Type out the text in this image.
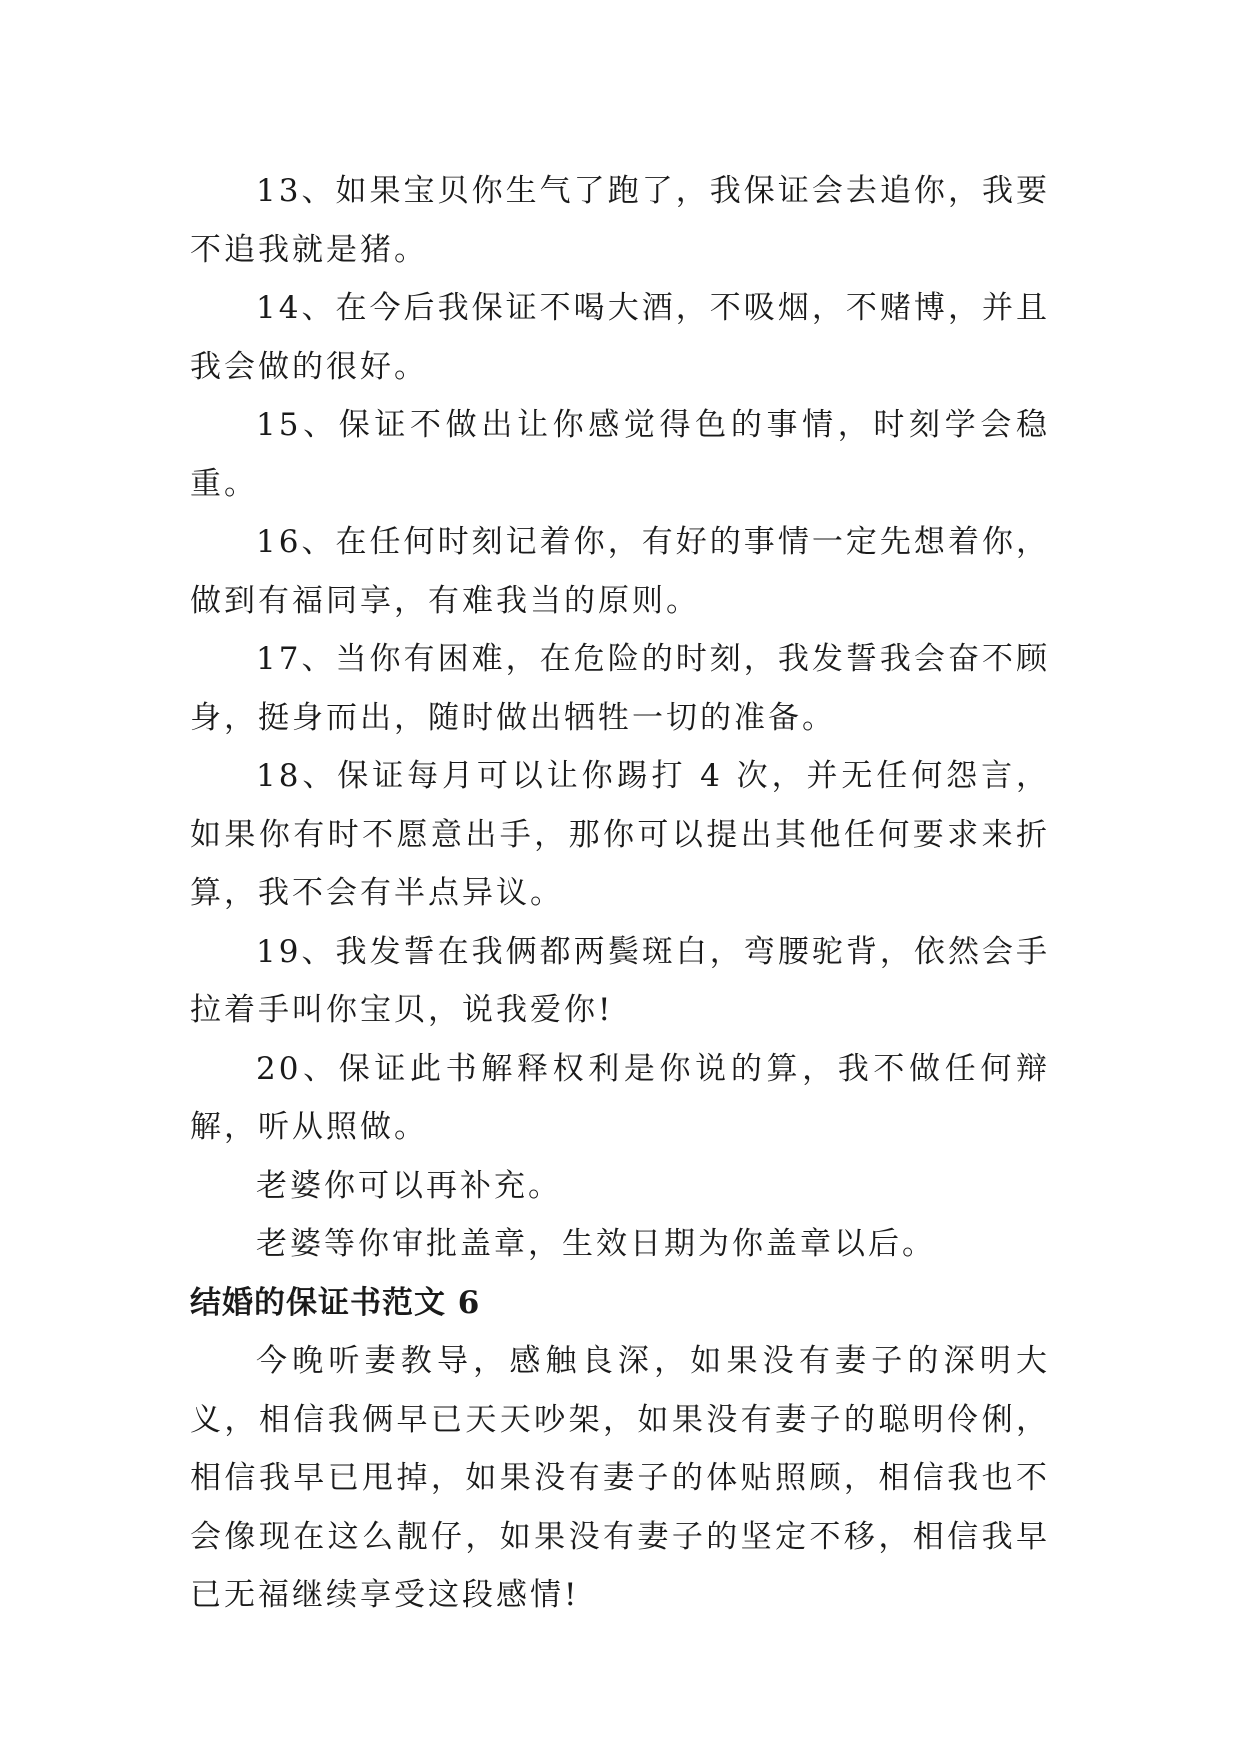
13、如果宝贝你生气了跑了，我保证会去追你，我要不追我就是猪。

14、在今后我保证不喝大酒，不吸烟，不赌博，并且我会做的很好。

15、保证不做出让你感觉得色的事情，时刻学会稳重。

16、在任何时刻记着你，有好的事情一定先想着你，做到有福同享，有难我当的原则。

17、当你有困难，在危险的时刻，我发誓我会奋不顾身，挺身而出，随时做出牺牲一切的准备。

18、保证每月可以让你踢打 4 次，并无任何怨言，如果你有时不愿意出手，那你可以提出其他任何要求来折算，我不会有半点异议。

19、我发誓在我俩都两鬓斑白，弯腰驼背，依然会手拉着手叫你宝贝，说我爱你!

20、保证此书解释权利是你说的算，我不做任何辩解，听从照做。

老婆你可以再补充。

老婆等你审批盖章，生效日期为你盖章以后。

结婚的保证书范文 6

今晚听妻教导，感触良深，如果没有妻子的深明大义，相信我俩早已天天吵架，如果没有妻子的聪明伶俐，相信我早已甩掉，如果没有妻子的体贴照顾，相信我也不会像现在这么靓仔，如果没有妻子的坚定不移，相信我早已无福继续享受这段感情!
